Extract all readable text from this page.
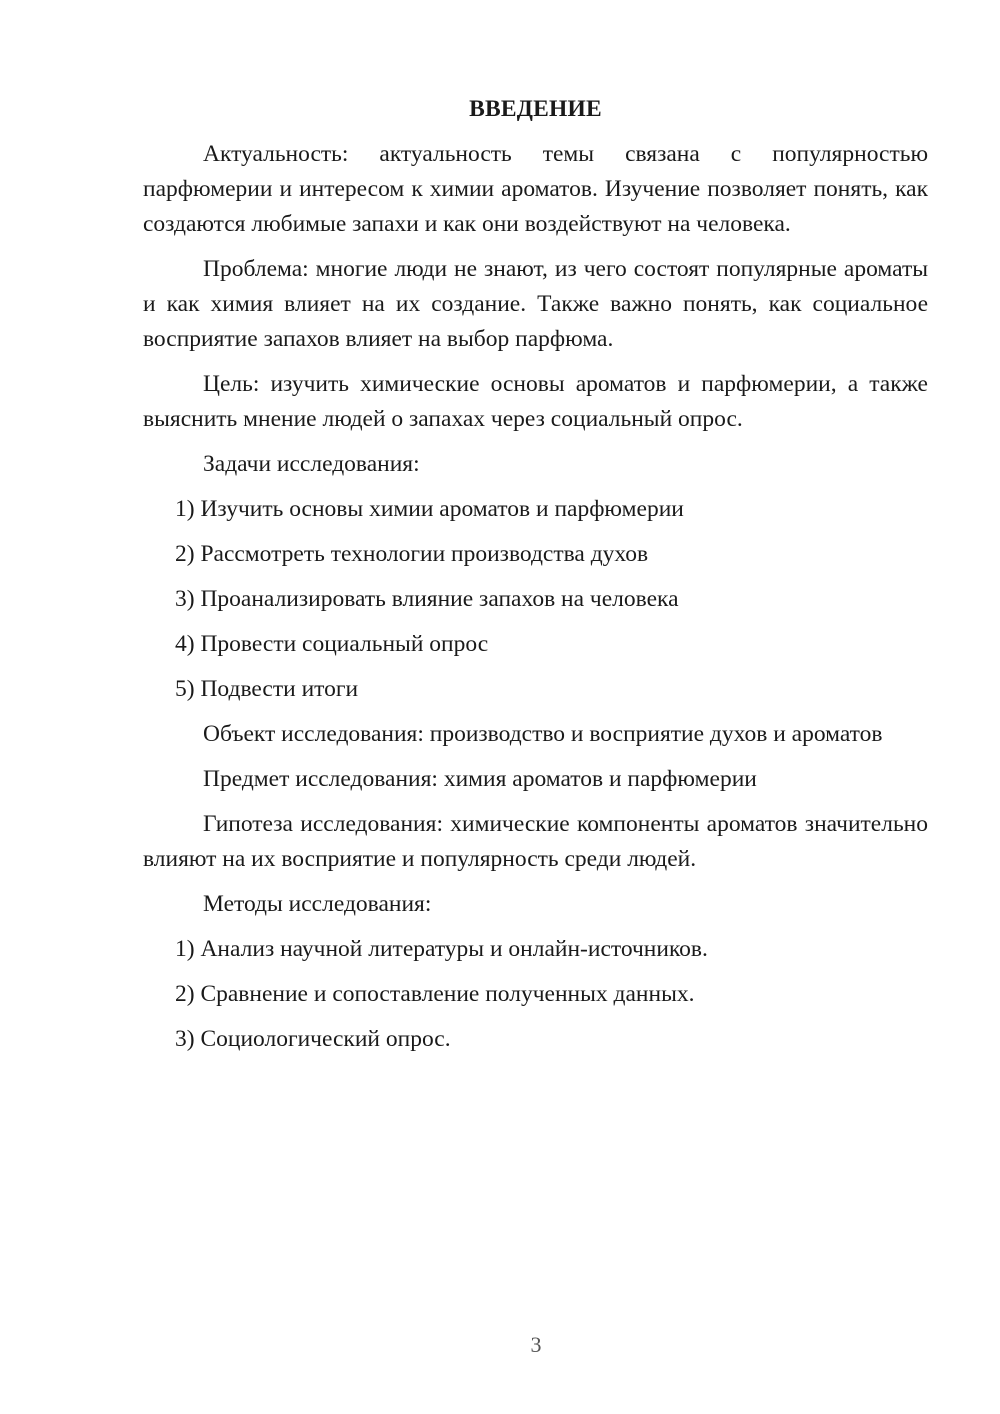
ВВЕДЕНИЕ

Актуальность: актуальность темы связана с популярностью парфюмерии и интересом к химии ароматов. Изучение позволяет понять, как создаются любимые запахи и как они воздействуют на человека.

Проблема: многие люди не знают, из чего состоят популярные ароматы и как химия влияет на их создание. Также важно понять, как социальное восприятие запахов влияет на выбор парфюма.

Цель: изучить химические основы ароматов и парфюмерии, а также выяснить мнение людей о запахах через социальный опрос.

Задачи исследования:

1) Изучить основы химии ароматов и парфюмерии
2) Рассмотреть технологии производства духов
3) Проанализировать влияние запахов на человека
4) Провести социальный опрос
5) Подвести итоги

Объект исследования: производство и восприятие духов и ароматов

Предмет исследования: химия ароматов и парфюмерии

Гипотеза исследования: химические компоненты ароматов значительно влияют на их восприятие и популярность среди людей.

Методы исследования:

1) Анализ научной литературы и онлайн-источников.
2) Сравнение и сопоставление полученных данных.
3) Социологический опрос.
3
